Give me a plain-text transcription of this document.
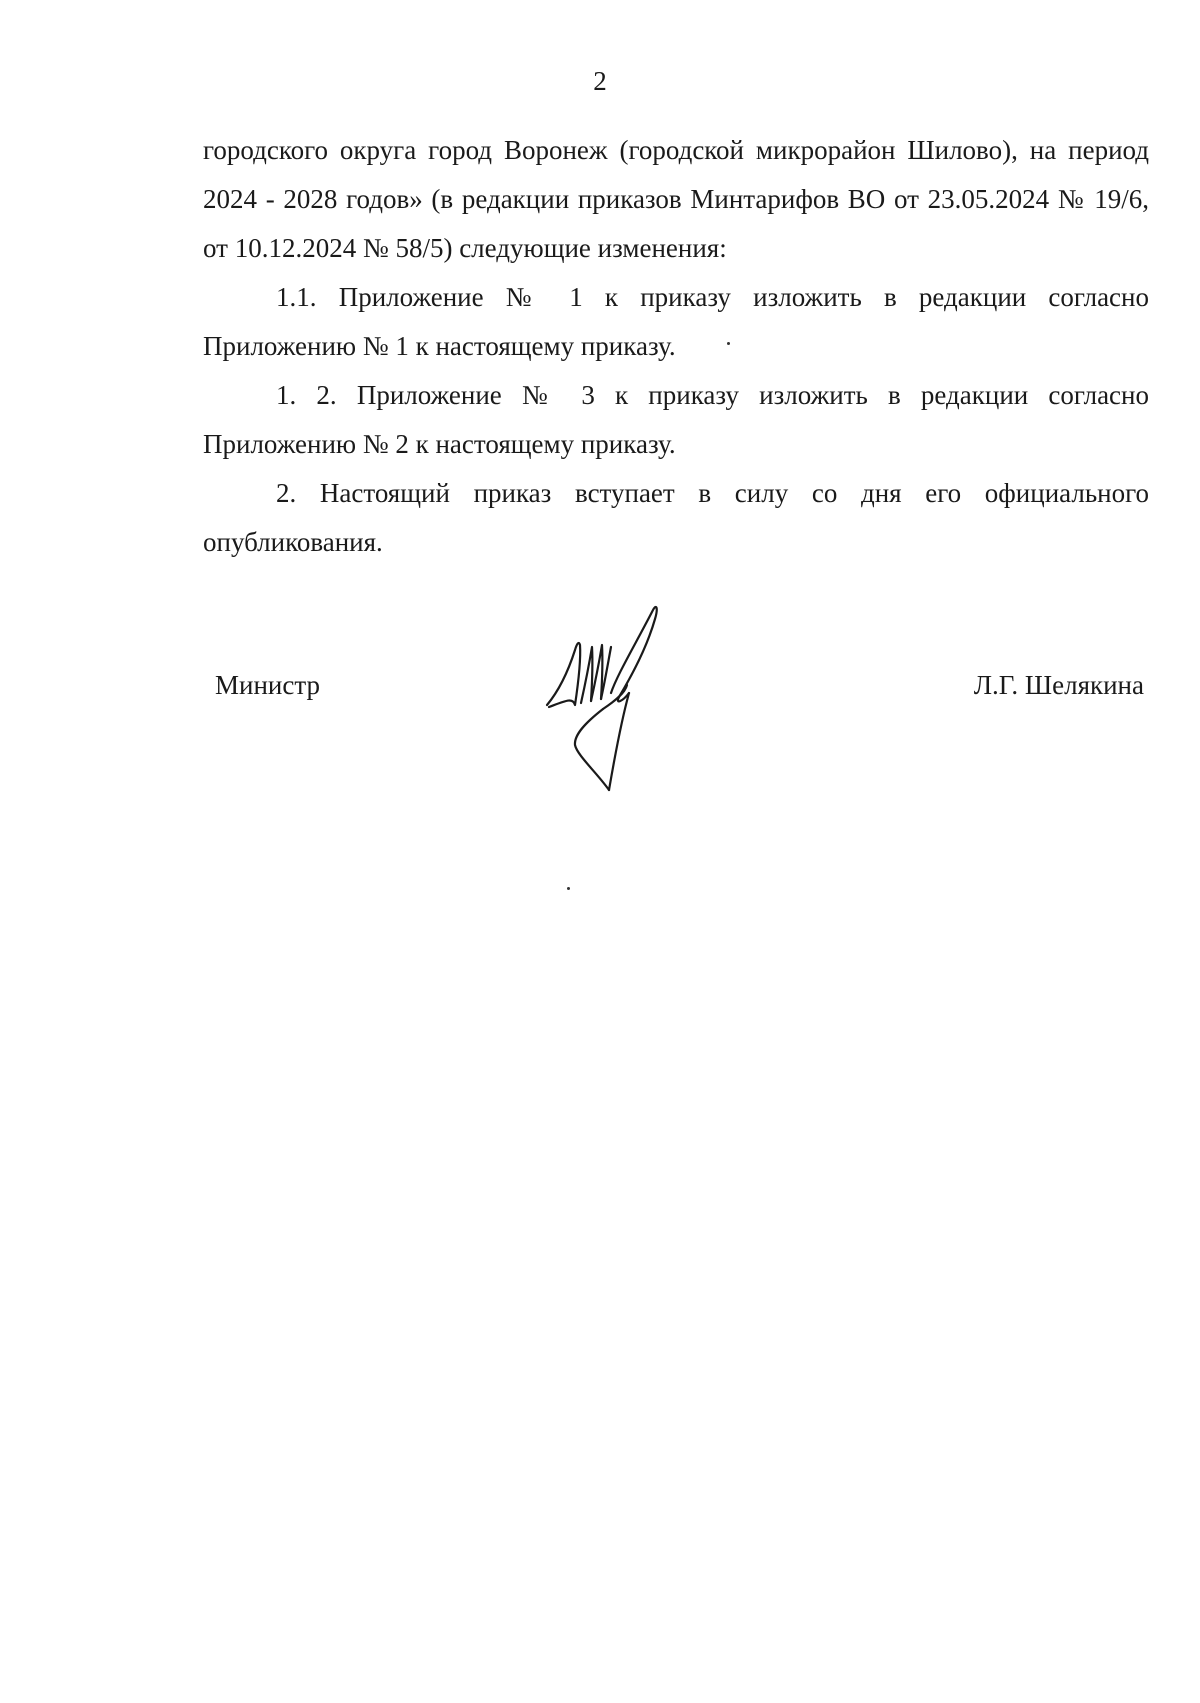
2

городского округа город Воронеж (городской микрорайон Шилово), на период 2024 - 2028 годов» (в редакции приказов Минтарифов ВО от 23.05.2024 № 19/6, от 10.12.2024 № 58/5) следующие изменения:

1.1. Приложение № 1 к приказу изложить в редакции согласно Приложению № 1 к настоящему приказу.

1. 2. Приложение № 3 к приказу изложить в редакции согласно Приложению № 2 к настоящему приказу.

2. Настоящий приказ вступает в силу со дня его официального опубликования.

Министр	Л.Г. Шелякина
